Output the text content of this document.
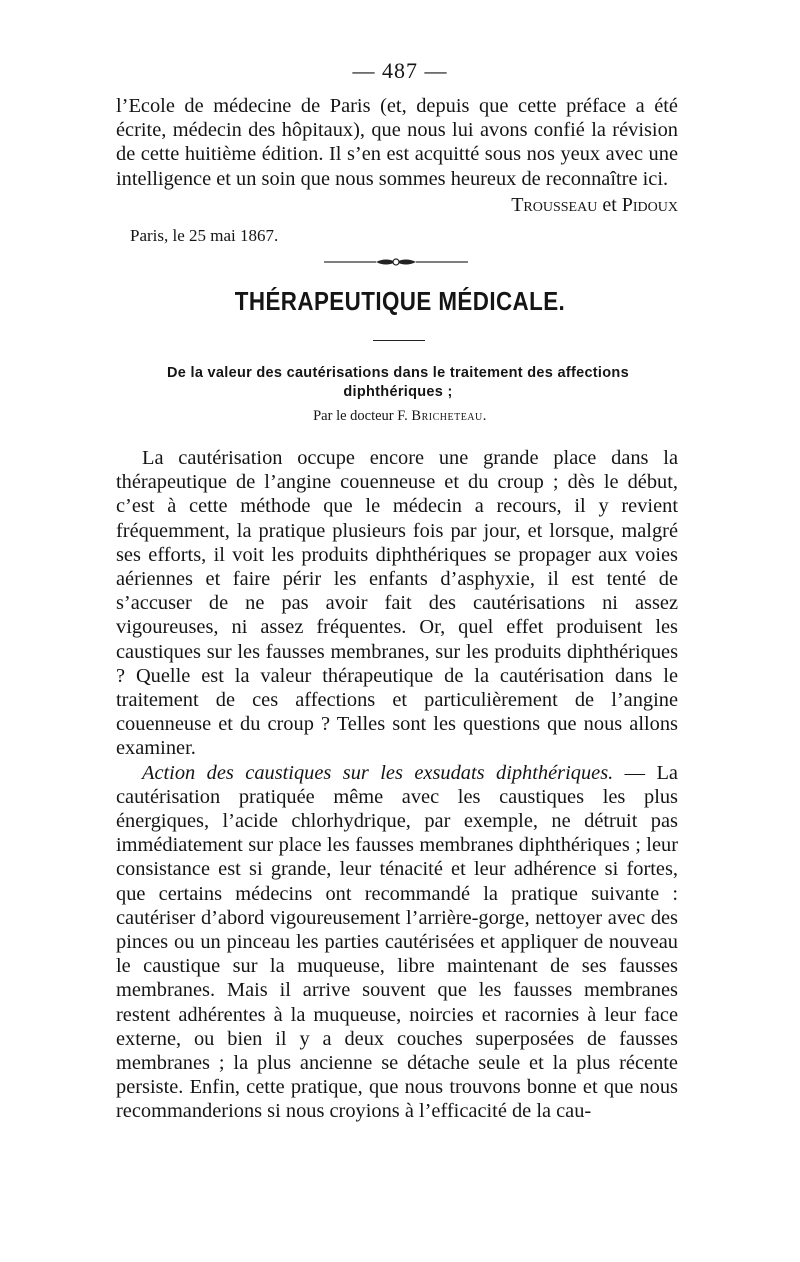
— 487 —

l’Ecole de médecine de Paris (et, depuis que cette préface a été écrite, médecin des hôpitaux), que nous lui avons confié la révision de cette huitième édition. Il s’en est acquitté sous nos yeux avec une intelligence et un soin que nous sommes heureux de reconnaître ici.

Trousseau et Pidoux
Paris, le 25 mai 1867.
THÉRAPEUTIQUE MÉDICALE.
De la valeur des cautérisations dans le traitement des affections diphthériques ;
Par le docteur F. Bricheteau.

La cautérisation occupe encore une grande place dans la thérapeutique de l’angine couenneuse et du croup ; dès le début, c’est à cette méthode que le médecin a recours, il y revient fréquemment, la pratique plusieurs fois par jour, et lorsque, malgré ses efforts, il voit les produits diphthériques se propager aux voies aériennes et faire périr les enfants d’asphyxie, il est tenté de s’accuser de ne pas avoir fait des cautérisations ni assez vigoureuses, ni assez fréquentes. Or, quel effet produisent les caustiques sur les fausses membranes, sur les produits diphthériques ? Quelle est la valeur thérapeutique de la cautérisation dans le traitement de ces affections et particulièrement de l’angine couenneuse et du croup ? Telles sont les questions que nous allons examiner.

Action des caustiques sur les exsudats diphthériques. — La cautérisation pratiquée même avec les caustiques les plus énergiques, l’acide chlorhydrique, par exemple, ne détruit pas immédiatement sur place les fausses membranes diphthériques ; leur consistance est si grande, leur ténacité et leur adhérence si fortes, que certains médecins ont recommandé la pratique suivante : cautériser d’abord vigoureusement l’arrière-gorge, nettoyer avec des pinces ou un pinceau les parties cautérisées et appliquer de nouveau le caustique sur la muqueuse, libre maintenant de ses fausses membranes. Mais il arrive souvent que les fausses membranes restent adhérentes à la muqueuse, noircies et racornies à leur face externe, ou bien il y a deux couches superposées de fausses membranes ; la plus ancienne se détache seule et la plus récente persiste. Enfin, cette pratique, que nous trouvons bonne et que nous recommanderions si nous croyions à l’efficacité de la cau-
